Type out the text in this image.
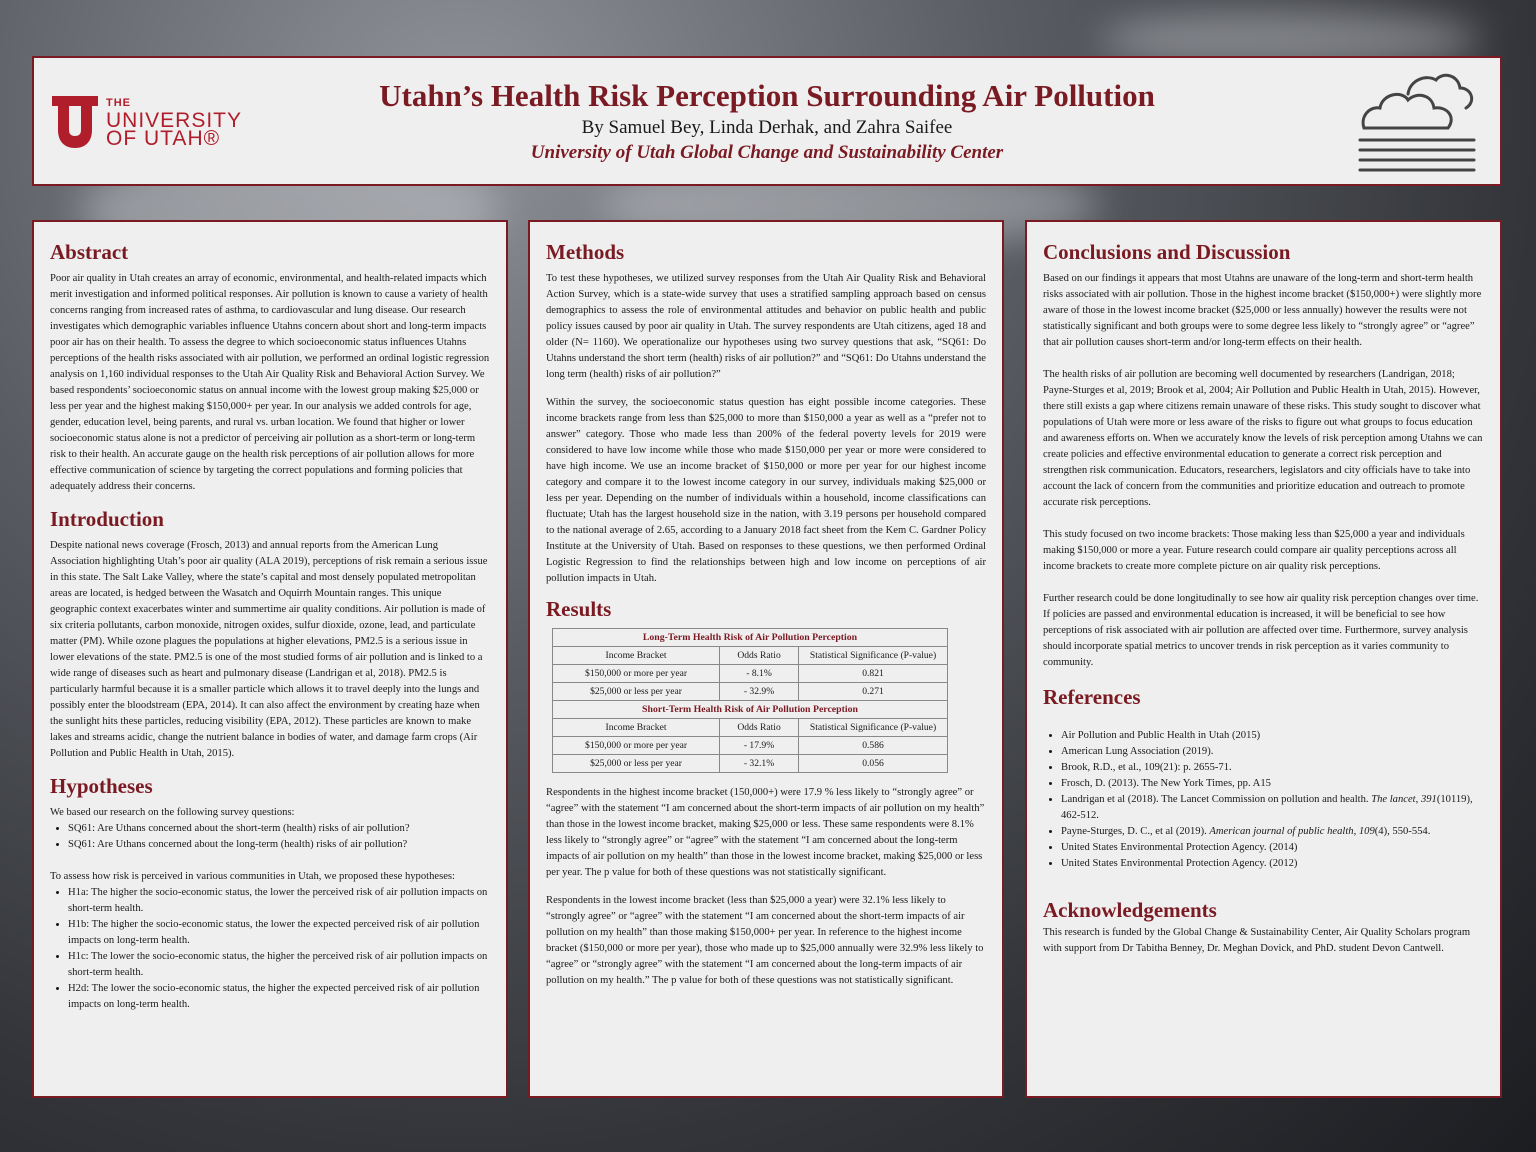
THE
UNIVERSITY
OF UTAH®
Utahn’s Health Risk Perception Surrounding Air Pollution
By Samuel Bey, Linda Derhak, and Zahra Saifee
University of Utah Global Change and Sustainability Center
Abstract

Poor air quality in Utah creates an array of economic, environmental, and health-related impacts which merit investigation and informed political responses. Air pollution is known to cause a variety of health concerns ranging from increased rates of asthma, to cardiovascular and lung disease. Our research investigates which demographic variables influence Utahns concern about short and long-term impacts poor air has on their health. To assess the degree to which socioeconomic status influences Utahns perceptions of the health risks associated with air pollution, we performed an ordinal logistic regression analysis on 1,160 individual responses to the Utah Air Quality Risk and Behavioral Action Survey. We based respondents’ socioeconomic status on annual income with the lowest group making $25,000 or less per year and the highest making $150,000+ per year. In our analysis we added controls for age, gender, education level, being parents, and rural vs. urban location. We found that higher or lower socioeconomic status alone is not a predictor of perceiving air pollution as a short-term or long-term risk to their health. An accurate gauge on the health risk perceptions of air pollution allows for more effective communication of science by targeting the correct populations and forming policies that adequately address their concerns.

Introduction

Despite national news coverage (Frosch, 2013) and annual reports from the American Lung Association highlighting Utah’s poor air quality (ALA 2019), perceptions of risk remain a serious issue in this state. The Salt Lake Valley, where the state’s capital and most densely populated metropolitan areas are located, is hedged between the Wasatch and Oquirrh Mountain ranges. This unique geographic context exacerbates winter and summertime air quality conditions. Air pollution is made of six criteria pollutants, carbon monoxide, nitrogen oxides, sulfur dioxide, ozone, lead, and particulate matter (PM). While ozone plagues the populations at higher elevations, PM2.5 is a serious issue in lower elevations of the state. PM2.5 is one of the most studied forms of air pollution and is linked to a wide range of diseases such as heart and pulmonary disease (Landrigan et al, 2018). PM2.5 is particularly harmful because it is a smaller particle which allows it to travel deeply into the lungs and possibly enter the bloodstream (EPA, 2014). It can also affect the environment by creating haze when the sunlight hits these particles, reducing visibility (EPA, 2012). These particles are known to make lakes and streams acidic, change the nutrient balance in bodies of water, and damage farm crops (Air Pollution and Public Health in Utah, 2015).

Hypotheses

We based our research on the following survey questions:

• SQ61: Are Uthans concerned about the short-term (health) risks of air pollution?
• SQ61: Are Uthans concerned about the long-term (health) risks of air pollution?

To assess how risk is perceived in various communities in Utah, we proposed these hypotheses:

• H1a: The higher the socio-economic status, the lower the perceived risk of air pollution impacts on short-term health.
• H1b: The higher the socio-economic status, the lower the expected perceived risk of air pollution impacts on long-term health.
• H1c: The lower the socio-economic status, the higher the perceived risk of air pollution impacts on short-term health.
• H2d: The lower the socio-economic status, the higher the expected perceived risk of air pollution impacts on long-term health.
Methods

To test these hypotheses, we utilized survey responses from the Utah Air Quality Risk and Behavioral Action Survey, which is a state-wide survey that uses a stratified sampling approach based on census demographics to assess the role of environmental attitudes and behavior on public health and public policy issues caused by poor air quality in Utah. The survey respondents are Utah citizens, aged 18 and older (N= 1160). We operationalize our hypotheses using two survey questions that ask, “SQ61: Do Utahns understand the short term (health) risks of air pollution?” and “SQ61: Do Utahns understand the long term (health) risks of air pollution?”

Within the survey, the socioeconomic status question has eight possible income categories. These income brackets range from less than $25,000 to more than $150,000 a year as well as a “prefer not to answer” category. Those who made less than 200% of the federal poverty levels for 2019 were considered to have low income while those who made $150,000 per year or more were considered to have high income. We use an income bracket of $150,000 or more per year for our highest income category and compare it to the lowest income category in our survey, individuals making $25,000 or less per year. Depending on the number of individuals within a household, income classifications can fluctuate; Utah has the largest household size in the nation, with 3.19 persons per household compared to the national average of 2.65, according to a January 2018 fact sheet from the Kem C. Gardner Policy Institute at the University of Utah. Based on responses to these questions, we then performed Ordinal Logistic Regression to find the relationships between high and low income on perceptions of air pollution impacts in Utah.

Results
Long-Term Health Risk of Air Pollution Perception		
Income Bracket	Odds Ratio	Statistical Significance (P-value)
$150,000 or more per year	- 8.1%	0.821
$25,000 or less per year	- 32.9%	0.271
Short-Term Health Risk of Air Pollution Perception		
Income Bracket	Odds Ratio	Statistical Significance (P-value)
$150,000 or more per year	- 17.9%	0.586
$25,000 or less per year	- 32.1%	0.056

Respondents in the highest income bracket (150,000+) were 17.9 % less likely to “strongly agree” or “agree” with the statement “I am concerned about the short-term impacts of air pollution on my health” than those in the lowest income bracket, making $25,000 or less. These same respondents were 8.1% less likely to “strongly agree” or “agree” with the statement “I am concerned about the long-term impacts of air pollution on my health” than those in the lowest income bracket, making $25,000 or less per year. The p value for both of these questions was not statistically significant.

Respondents in the lowest income bracket (less than $25,000 a year) were 32.1% less likely to “strongly agree” or “agree” with the statement “I am concerned about the short-term impacts of air pollution on my health” than those making $150,000+ per year. In reference to the highest income bracket ($150,000 or more per year), those who made up to $25,000 annually were 32.9% less likely to “agree” or “strongly agree” with the statement “I am concerned about the long-term impacts of air pollution on my health.” The p value for both of these questions was not statistically significant.

Conclusions and Discussion

Based on our findings it appears that most Utahns are unaware of the long-term and short-term health risks associated with air pollution. Those in the highest income bracket ($150,000+) were slightly more aware of those in the lowest income bracket ($25,000 or less annually) however the results were not statistically significant and both groups were to some degree less likely to “strongly agree” or “agree” that air pollution causes short-term and/or long-term effects on their health.

The health risks of air pollution are becoming well documented by researchers (Landrigan, 2018; Payne-Sturges et al, 2019; Brook et al, 2004; Air Pollution and Public Health in Utah, 2015). However, there still exists a gap where citizens remain unaware of these risks. This study sought to discover what populations of Utah were more or less aware of the risks to figure out what groups to focus education and awareness efforts on. When we accurately know the levels of risk perception among Utahns we can create policies and effective environmental education to generate a correct risk perception and strengthen risk communication. Educators, researchers, legislators and city officials have to take into account the lack of concern from the communities and prioritize education and outreach to promote accurate risk perceptions.

This study focused on two income brackets: Those making less than $25,000 a year and individuals making $150,000 or more a year. Future research could compare air quality perceptions across all income brackets to create more complete picture on air quality risk perceptions.

Further research could be done longitudinally to see how air quality risk perception changes over time. If policies are passed and environmental education is increased, it will be beneficial to see how perceptions of risk associated with air pollution are affected over time. Furthermore, survey analysis should incorporate spatial metrics to uncover trends in risk perception as it varies community to community.

References
• Air Pollution and Public Health in Utah (2015)
• American Lung Association (2019).
• Brook, R.D., et al., 109(21): p. 2655-71.
• Frosch, D. (2013). The New York Times, pp. A15
• Landrigan et al (2018). The Lancet Commission on pollution and health. The lancet, 391(10119), 462-512.
• Payne-Sturges, D. C., et al (2019). American journal of public health, 109(4), 550-554.
• United States Environmental Protection Agency. (2014)
• United States Environmental Protection Agency. (2012)
Acknowledgements

This research is funded by the Global Change & Sustainability Center, Air Quality Scholars program with support from Dr Tabitha Benney, Dr. Meghan Dovick, and PhD. student Devon Cantwell.
